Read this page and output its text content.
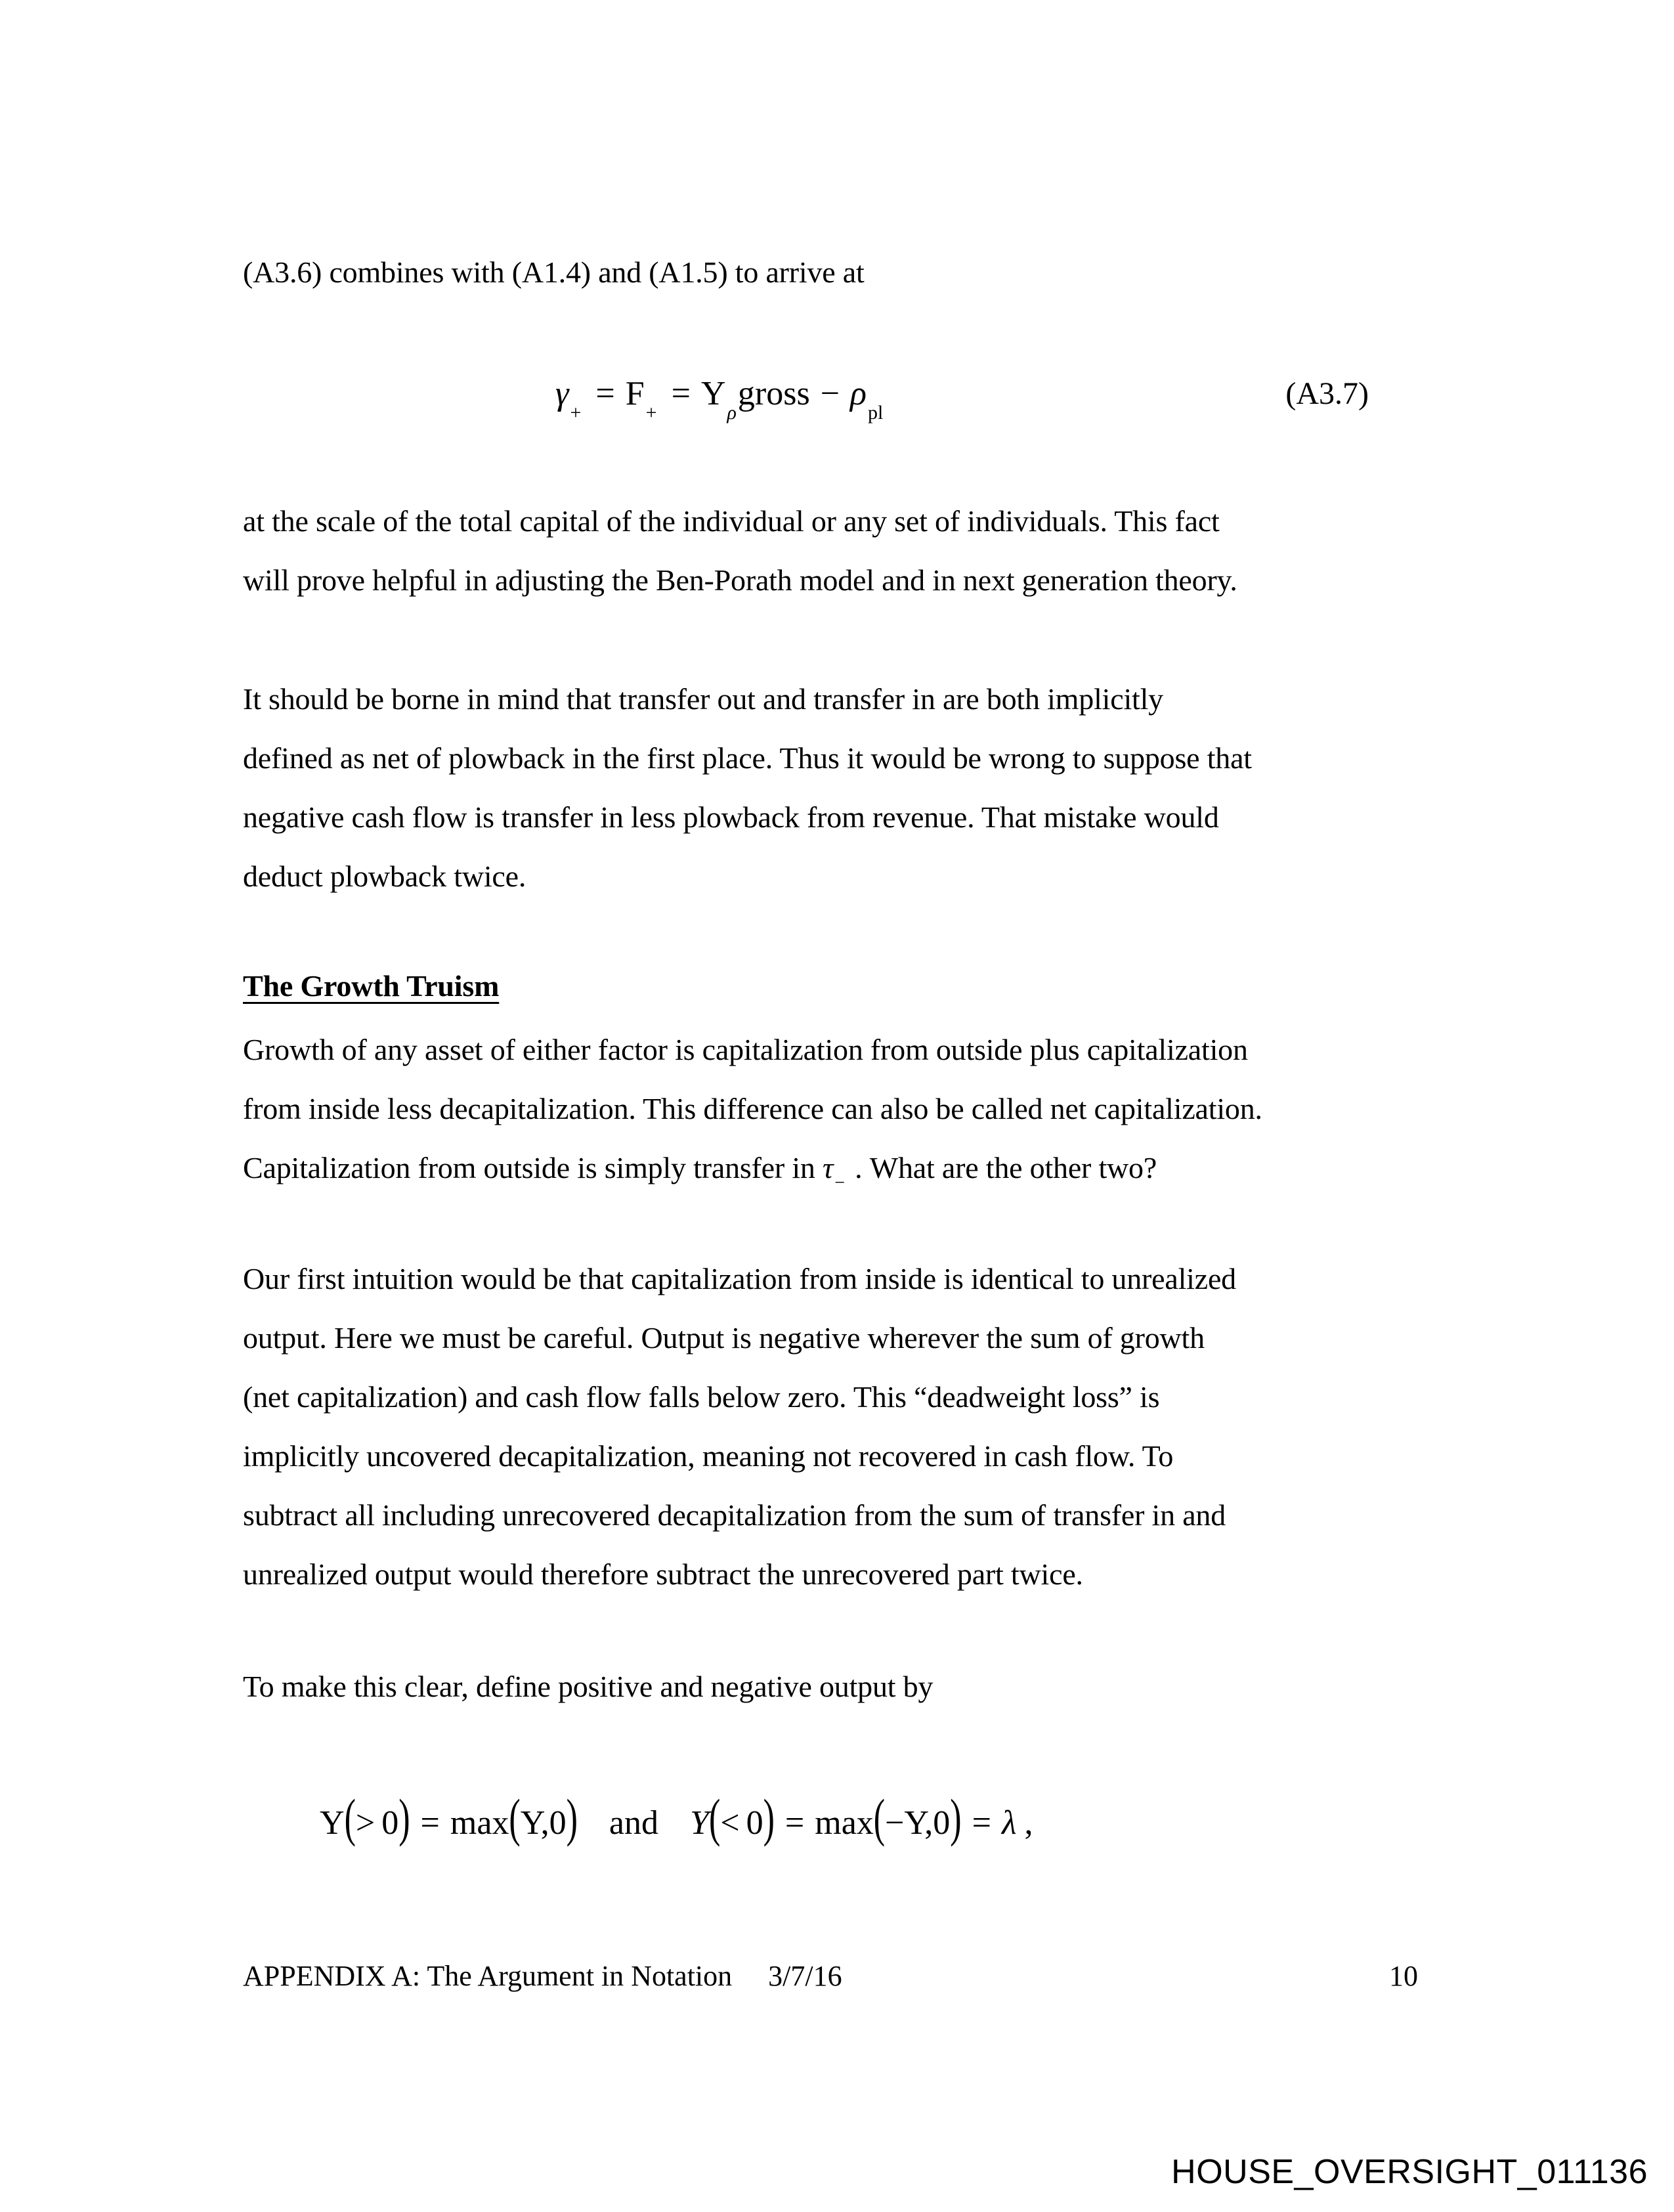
(A3.6) combines with (A1.4) and (A1.5) to arrive at
γ+= F+= Yρgross − ρpl
(A3.7)
at the scale of the total capital of the individual or any set of individuals. This fact
will prove helpful in adjusting the Ben-Porath model and in next generation theory.
It should be borne in mind that transfer out and transfer in are both implicitly
defined as net of plowback in the first place. Thus it would be wrong to suppose that
negative cash flow is transfer in less plowback from revenue. That mistake would
deduct plowback twice.
The Growth Truism
Growth of any asset of either factor is capitalization from outside plus capitalization
from inside less decapitalization. This difference can also be called net capitalization.
Capitalization from outside is simply transfer in τ− . What are the other two?
Our first intuition would be that capitalization from inside is identical to unrealized
output. Here we must be careful. Output is negative wherever the sum of growth
(net capitalization) and cash flow falls below zero. This “deadweight loss” is
implicitly uncovered decapitalization, meaning not recovered in cash flow. To
subtract all including unrecovered decapitalization from the sum of transfer in and
unrealized output would therefore subtract the unrecovered part twice.
To make this clear, define positive and negative output by
Y(> 0) = max(Y,0) and Y(< 0) = max(−Y,0) = λ ,
APPENDIX A: The Argument in Notation 3/7/16	10
HOUSE_OVERSIGHT_011136
